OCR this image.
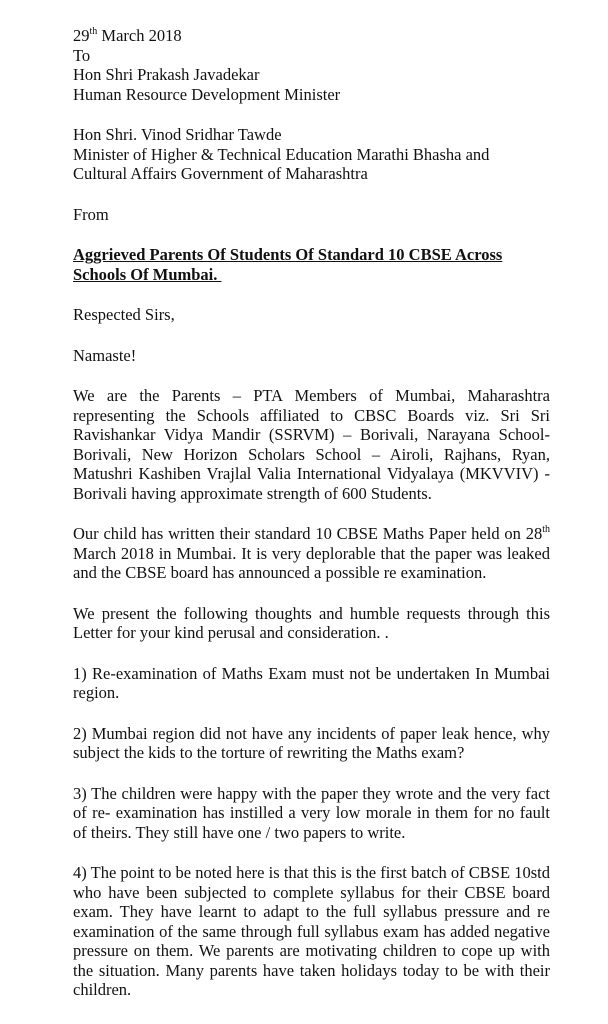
29th March 2018

To

Hon Shri Prakash Javadekar

Human Resource Development Minister

Hon Shri. Vinod Sridhar Tawde

Minister of Higher & Technical Education Marathi Bhasha and

Cultural Affairs Government of Maharashtra

From

Aggrieved Parents Of Students Of Standard 10 CBSE Across

Schools Of Mumbai.

Respected Sirs,

Namaste!

We are the Parents – PTA Members of Mumbai, Maharashtra representing the Schools affiliated to CBSC Boards viz. Sri Sri Ravishankar Vidya Mandir (SSRVM) – Borivali, Narayana School- Borivali, New Horizon Scholars School – Airoli, Rajhans, Ryan, Matushri Kashiben Vrajlal Valia International Vidyalaya (MKVVIV) - Borivali having approximate strength of 600 Students.

Our child has written their standard 10 CBSE Maths Paper held on 28th March 2018 in Mumbai. It is very deplorable that the paper was leaked and the CBSE board has announced a possible re examination.

We present the following thoughts and humble requests through this Letter for your kind perusal and consideration. .

1) Re-examination of Maths Exam must not be undertaken In Mumbai region.

2) Mumbai region did not have any incidents of paper leak hence, why subject the kids to the torture of rewriting the Maths exam?

3) The children were happy with the paper they wrote and the very fact of re- examination has instilled a very low morale in them for no fault of theirs. They still have one / two papers to write.

4) The point to be noted here is that this is the first batch of CBSE 10std who have been subjected to complete syllabus for their CBSE board exam. They have learnt to adapt to the full syllabus pressure and re examination of the same through full syllabus exam has added negative pressure on them. We parents are motivating children to cope up with the situation. Many parents have taken holidays today to be with their children.
